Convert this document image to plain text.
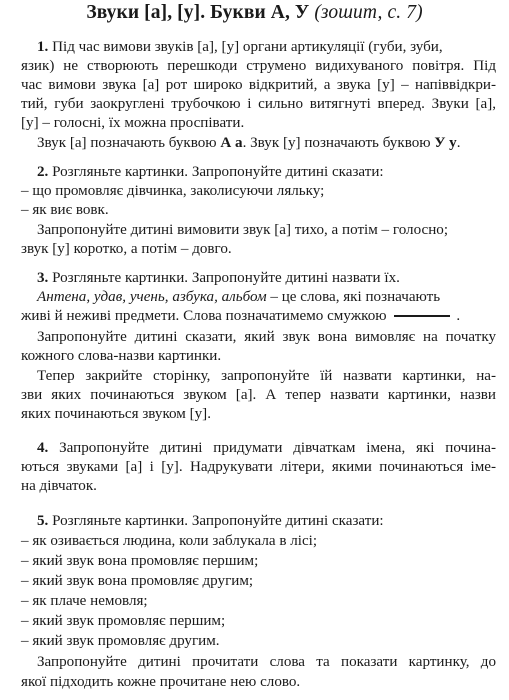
Звуки [а], [у]. Букви А, У (зошит, с. 7)
1. Під час вимови звуків [а], [у] органи артикуляції (губи, зуби,
язик) не створюють перешкоди струмено видихуваного повітря. Під
час вимови звука [а] рот широко відкритий, а звука [у] – напіввідкри-
тий, губи заокруглені трубочкою і сильно витягнуті вперед. Звуки [а],
[у] – голосні, їх можна проспівати.
Звук [а] позначають буквою А а. Звук [у] позначають буквою У у.
2. Розгляньте картинки. Запропонуйте дитині сказати:
– що промовляє дівчинка, заколисуючи ляльку;
– як виє вовк.
Запропонуйте дитині вимовити звук [а] тихо, а потім – голосно;
звук [у] коротко, а потім – довго.
3. Розгляньте картинки. Запропонуйте дитині назвати їх.
Антена, удав, учень, азбука, альбом – це слова, які позначають
живі й неживі предмети. Слова позначатимемо смужкою	.
Запропонуйте дитині сказати, який звук вона вимовляє на початку
кожного слова-назви картинки.
Тепер закрийте сторінку, запропонуйте їй назвати картинки, на-
зви яких починаються звуком [а]. А тепер назвати картинки, назви
яких починаються звуком [у].
4. Запропонуйте дитині придумати дівчаткам імена, які почина-
ються звуками [а] і [у]. Надрукувати літери, якими починаються іме-
на дівчаток.
5. Розгляньте картинки. Запропонуйте дитині сказати:
– як озивається людина, коли заблукала в лісі;
– який звук вона промовляє першим;
– який звук вона промовляє другим;
– як плаче немовля;
– який звук промовляє першим;
– який звук промовляє другим.
Запропонуйте дитині прочитати слова та показати картинку, до
якої підходить кожне прочитане нею слово.
